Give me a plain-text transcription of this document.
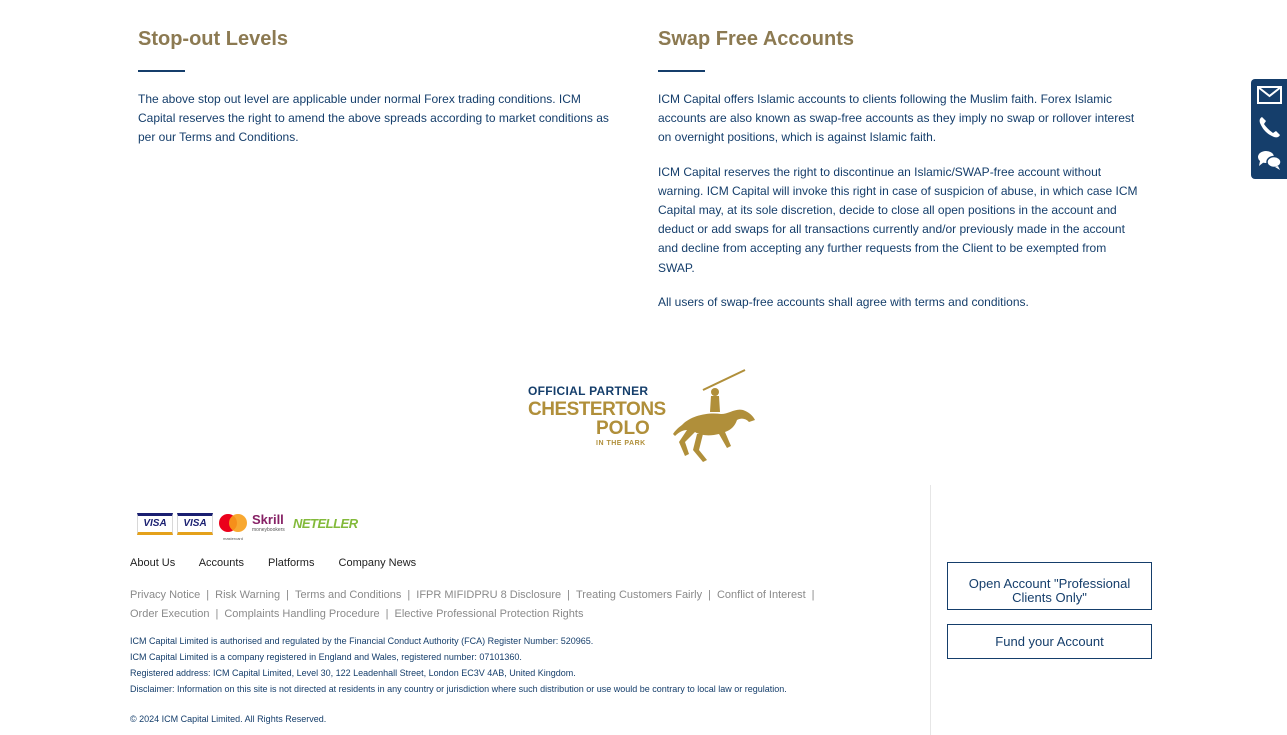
Stop-out Levels

The above stop out level are applicable under normal Forex trading conditions. ICM Capital reserves the right to amend the above spreads according to market conditions as per our Terms and Conditions.

Swap Free Accounts

ICM Capital offers Islamic accounts to clients following the Muslim faith. Forex Islamic accounts are also known as swap-free accounts as they imply no swap or rollover interest on overnight positions, which is against Islamic faith.

ICM Capital reserves the right to discontinue an Islamic/SWAP-free account without warning. ICM Capital will invoke this right in case of suspicion of abuse, in which case ICM Capital may, at its sole discretion, decide to close all open positions in the account and deduct or add swaps for all transactions currently and/or previously made in the account and decline from accepting any further requests from the Client to be exempted from SWAP.

All users of swap-free accounts shall agree with terms and conditions.

OFFICIAL PARTNER
CHESTERTONS
POLO
IN THE PARK
VISA	VISA
mastercard
Skrill
moneybookers NETELLER
About Us Accounts Platforms Company News
Privacy Notice | Risk Warning | Terms and Conditions | IFPR MIFIDPRU 8 Disclosure | Treating Customers Fairly | Conflict of Interest |
Order Execution | Complaints Handling Procedure | Elective Professional Protection Rights
ICM Capital Limited is authorised and regulated by the Financial Conduct Authority (FCA) Register Number: 520965.
ICM Capital Limited is a company registered in England and Wales, registered number: 07101360.
Registered address: ICM Capital Limited, Level 30, 122 Leadenhall Street, London EC3V 4AB, United Kingdom.
Disclaimer: Information on this site is not directed at residents in any country or jurisdiction where such distribution or use would be contrary to local law or regulation.
© 2024 ICM Capital Limited. All Rights Reserved.
Open Account "Professional Clients Only"
Fund your Account
